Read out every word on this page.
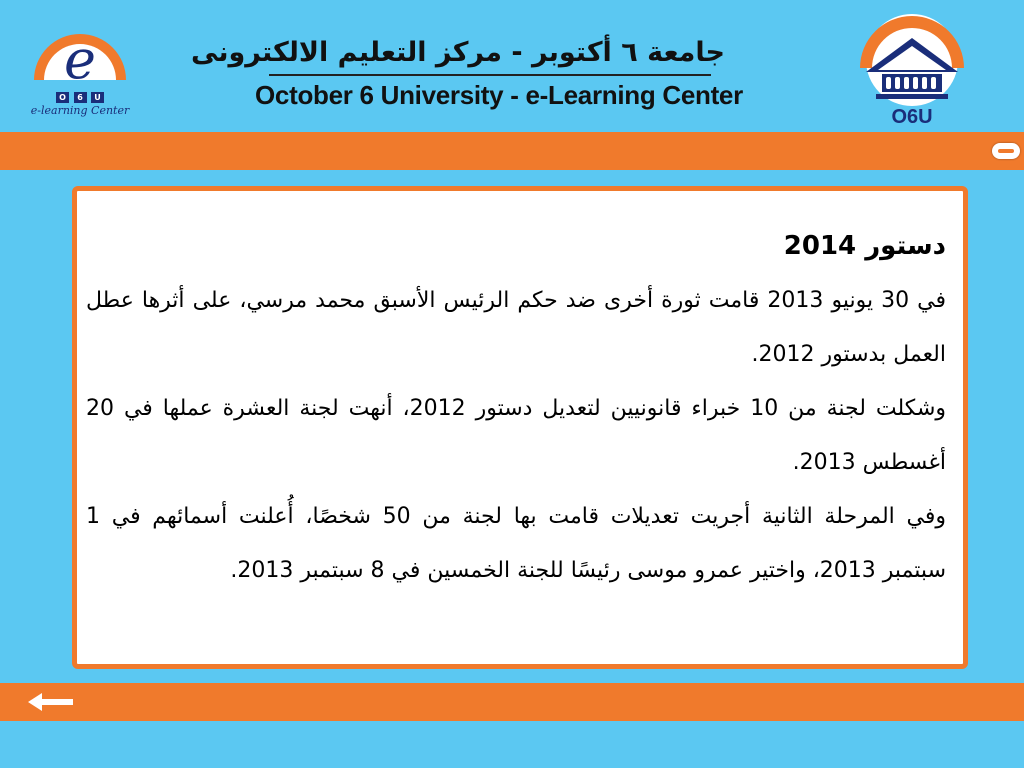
e
O	6	U
e-learning Center
جامعة ٦ أكتوبر - مركز التعليم الالكترونى
October 6 University - e-Learning Center
O6U
دستور 2014

في 30 يونيو 2013 قامت ثورة أخرى ضد حكم الرئيس الأسبق محمد مرسي، على أثرها عطل العمل بدستور 2012.

وشكلت لجنة من 10 خبراء قانونيين لتعديل دستور 2012، أنهت لجنة العشرة عملها في 20 أغسطس 2013.

وفي المرحلة الثانية أجريت تعديلات قامت بها لجنة من 50 شخصًا، أُعلنت أسمائهم في 1 سبتمبر 2013، واختير عمرو موسى رئيسًا للجنة الخمسين في 8 سبتمبر 2013.
